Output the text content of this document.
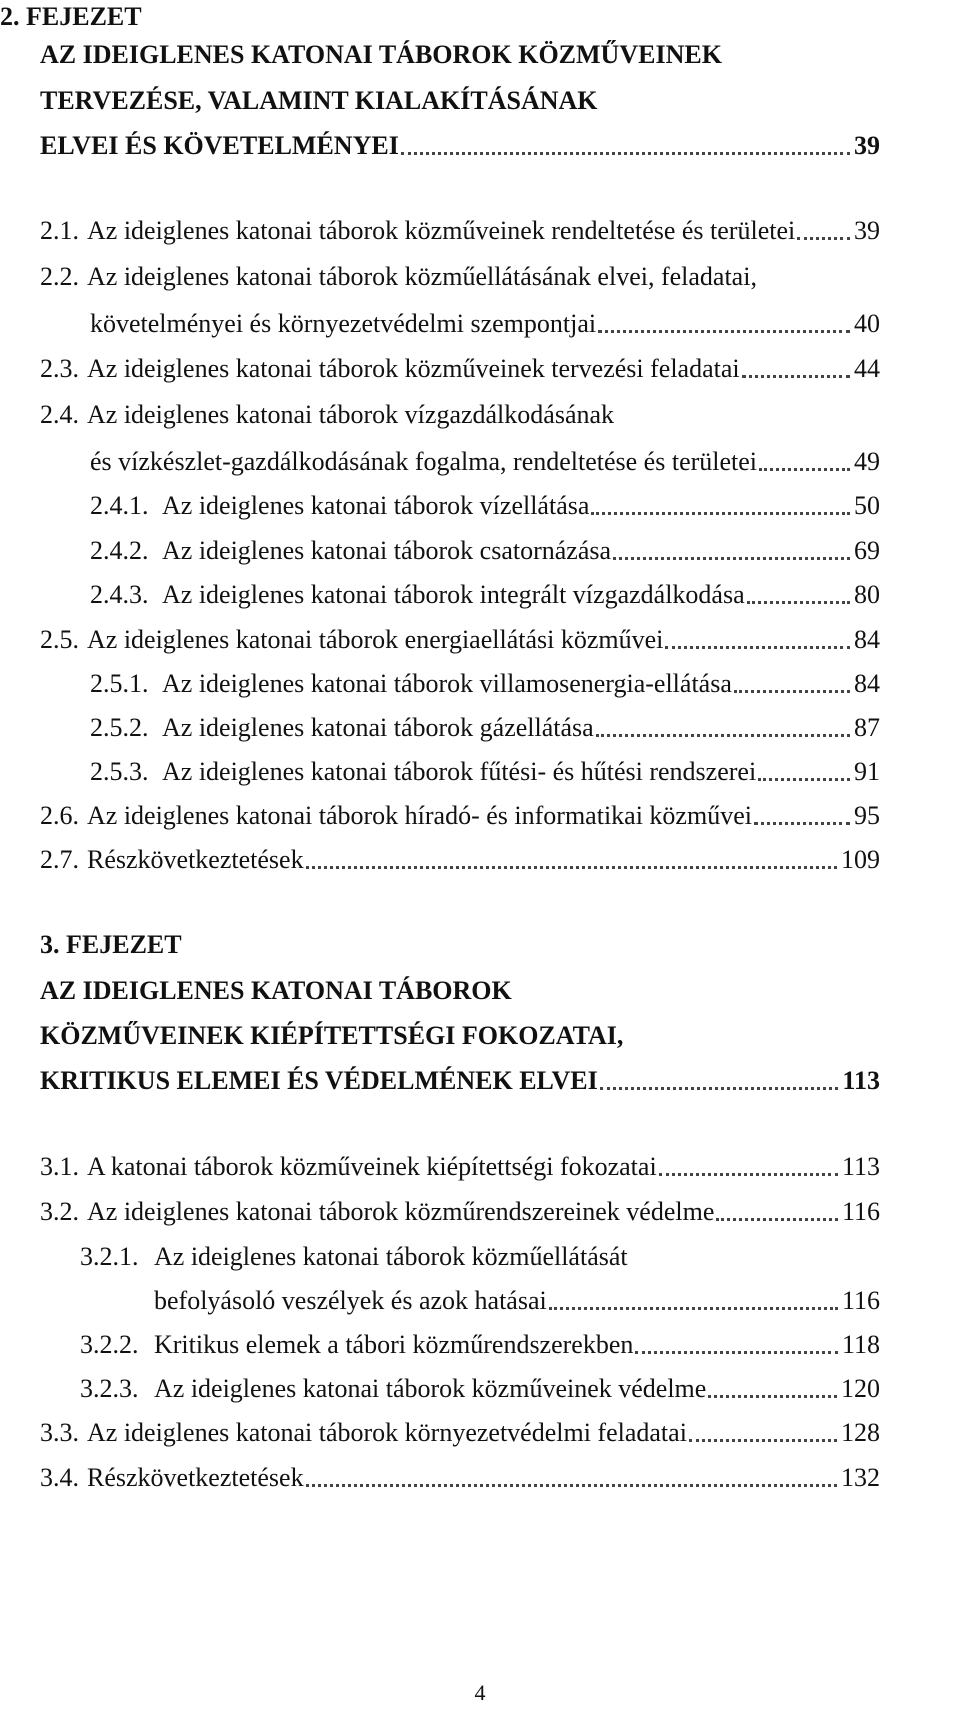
2. FEJEZET
AZ IDEIGLENES KATONAI TÁBOROK KÖZMŰVEINEK
TERVEZÉSE, VALAMINT KIALAKÍTÁSÁNAK
ELVEI ÉS KÖVETELMÉNYEI	39
2.1. Az ideiglenes katonai táborok közműveinek rendeltetése és területei 39
2.2. Az ideiglenes katonai táborok közműellátásának elvei, feladatai,
követelményei és környezetvédelmi szempontjai	40
2.3. Az ideiglenes katonai táborok közműveinek tervezési feladatai	44
2.4. Az ideiglenes katonai táborok vízgazdálkodásának
és vízkészlet-gazdálkodásának fogalma, rendeltetése és területei	49
2.4.1. Az ideiglenes katonai táborok vízellátása	50
2.4.2. Az ideiglenes katonai táborok csatornázása	69
2.4.3. Az ideiglenes katonai táborok integrált vízgazdálkodása	80
2.5. Az ideiglenes katonai táborok energiaellátási közművei	84
2.5.1. Az ideiglenes katonai táborok villamosenergia-ellátása	84
2.5.2. Az ideiglenes katonai táborok gázellátása	87
2.5.3. Az ideiglenes katonai táborok fűtési- és hűtési rendszerei	91
2.6. Az ideiglenes katonai táborok híradó- és informatikai közművei	95
2.7. Részkövetkeztetések	109
3. FEJEZET
AZ IDEIGLENES KATONAI TÁBOROK
KÖZMŰVEINEK KIÉPÍTETTSÉGI FOKOZATAI,
KRITIKUS ELEMEI ÉS VÉDELMÉNEK ELVEI	113
3.1. A katonai táborok közműveinek kiépítettségi fokozatai	113
3.2. Az ideiglenes katonai táborok közműrendszereinek védelme	116
3.2.1. Az ideiglenes katonai táborok közműellátását
befolyásoló veszélyek és azok hatásai	116
3.2.2. Kritikus elemek a tábori közműrendszerekben	118
3.2.3. Az ideiglenes katonai táborok közműveinek védelme	120
3.3. Az ideiglenes katonai táborok környezetvédelmi feladatai	128
3.4. Részkövetkeztetések	132
4
